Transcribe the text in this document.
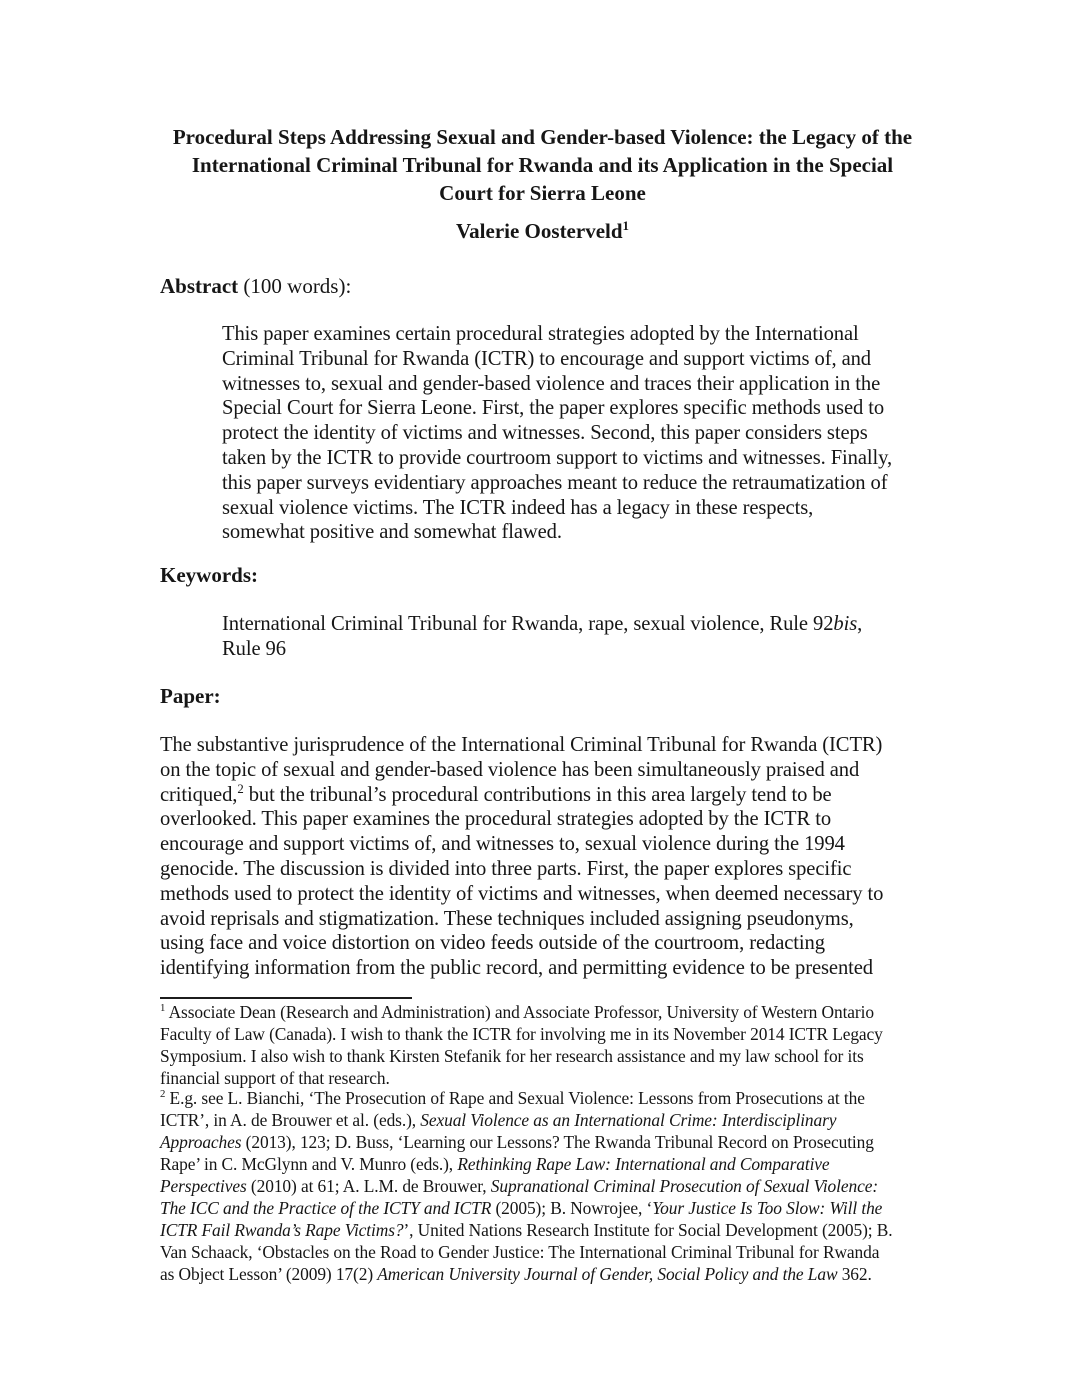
Procedural Steps Addressing Sexual and Gender-based Violence: the Legacy of the
International Criminal Tribunal for Rwanda and its Application in the Special
Court for Sierra Leone
Valerie Oosterveld$^1$
Abstract (100 words):
This paper examines certain procedural strategies adopted by the International
Criminal Tribunal for Rwanda (ICTR) to encourage and support victims of, and
witnesses to, sexual and gender-based violence and traces their application in the
Special Court for Sierra Leone. First, the paper explores specific methods used to
protect the identity of victims and witnesses. Second, this paper considers steps
taken by the ICTR to provide courtroom support to victims and witnesses. Finally,
this paper surveys evidentiary approaches meant to reduce the retraumatization of
sexual violence victims. The ICTR indeed has a legacy in these respects,
somewhat positive and somewhat flawed.
Keywords:
International Criminal Tribunal for Rwanda, rape, sexual violence, Rule 92bis,
Rule 96
Paper:
The substantive jurisprudence of the International Criminal Tribunal for Rwanda (ICTR)
on the topic of sexual and gender-based violence has been simultaneously praised and
critiqued,$^2$ but the tribunal’s procedural contributions in this area largely tend to be
overlooked. This paper examines the procedural strategies adopted by the ICTR to
encourage and support victims of, and witnesses to, sexual violence during the 1994
genocide. The discussion is divided into three parts. First, the paper explores specific
methods used to protect the identity of victims and witnesses, when deemed necessary to
avoid reprisals and stigmatization. These techniques included assigning pseudonyms,
using face and voice distortion on video feeds outside of the courtroom, redacting
identifying information from the public record, and permitting evidence to be presented
$^1$ Associate Dean (Research and Administration) and Associate Professor, University of Western Ontario
Faculty of Law (Canada). I wish to thank the ICTR for involving me in its November 2014 ICTR Legacy
Symposium. I also wish to thank Kirsten Stefanik for her research assistance and my law school for its
financial support of that research.
$^2$ E.g. see L. Bianchi, ‘The Prosecution of Rape and Sexual Violence: Lessons from Prosecutions at the
ICTR’, in A. de Brouwer et al. (eds.), Sexual Violence as an International Crime: Interdisciplinary
Approaches (2013), 123; D. Buss, ‘Learning our Lessons? The Rwanda Tribunal Record on Prosecuting
Rape’ in C. McGlynn and V. Munro (eds.), Rethinking Rape Law: International and Comparative
Perspectives (2010) at 61; A. L.M. de Brouwer, Supranational Criminal Prosecution of Sexual Violence:
The ICC and the Practice of the ICTY and ICTR (2005); B. Nowrojee, ‘Your Justice Is Too Slow: Will the
ICTR Fail Rwanda’s Rape Victims?’, United Nations Research Institute for Social Development (2005); B.
Van Schaack, ‘Obstacles on the Road to Gender Justice: The International Criminal Tribunal for Rwanda
as Object Lesson’ (2009) 17(2) American University Journal of Gender, Social Policy and the Law 362.
